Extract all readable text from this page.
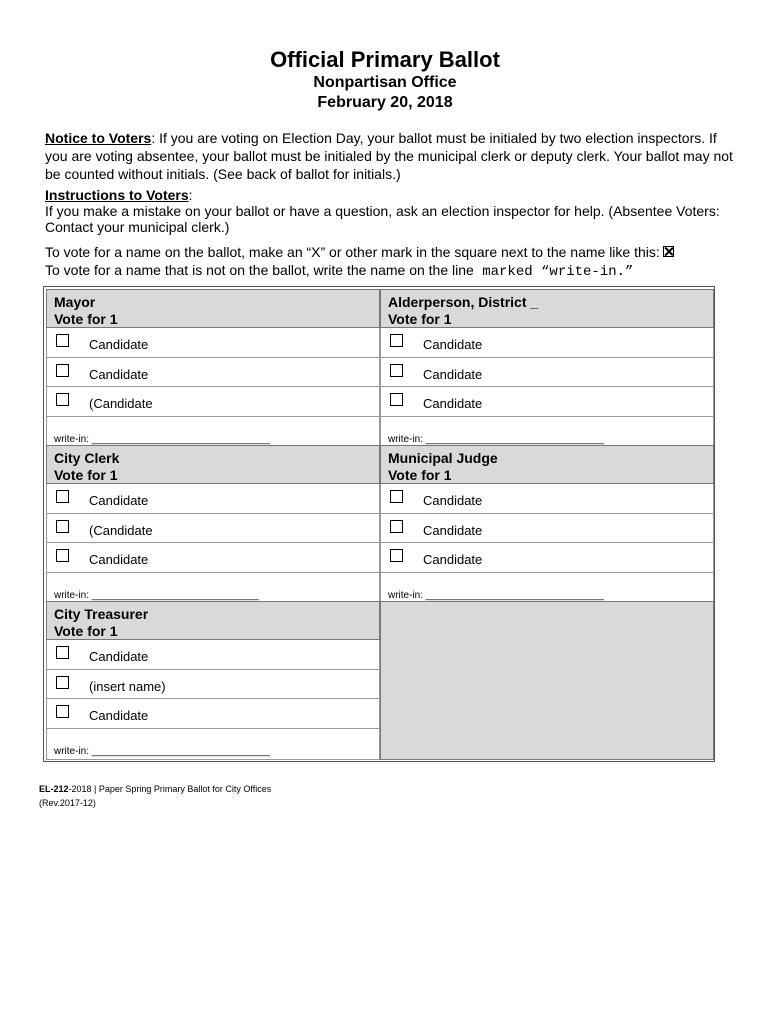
Official Primary Ballot
Nonpartisan Office
February 20, 2018
Notice to Voters: If you are voting on Election Day, your ballot must be initialed by two election inspectors. If you are voting absentee, your ballot must be initialed by the municipal clerk or deputy clerk. Your ballot may not be counted without initials. (See back of ballot for initials.)
Instructions to Voters:
If you make a mistake on your ballot or have a question, ask an election inspector for help. (Absentee Voters: Contact your municipal clerk.)
To vote for a name on the ballot, make an “X” or other mark in the square next to the name like this:
To vote for a name that is not on the ballot, write the name on the line marked “write-in.”
Mayor
Vote for 1
Candidate
Candidate
(Candidate
write-in: ________________________________
Alderperson, District _
Vote for 1
Candidate
Candidate
Candidate
write-in: ________________________________
City Clerk
Vote for 1
Candidate
(Candidate
Candidate
write-in: ______________________________
Municipal Judge
Vote for 1
Candidate
Candidate
Candidate
write-in: ________________________________
City Treasurer
Vote for 1
Candidate
(insert name)
Candidate
write-in: ________________________________
EL-212-2018 | Paper Spring Primary Ballot for City Offices
(Rev.2017-12)
